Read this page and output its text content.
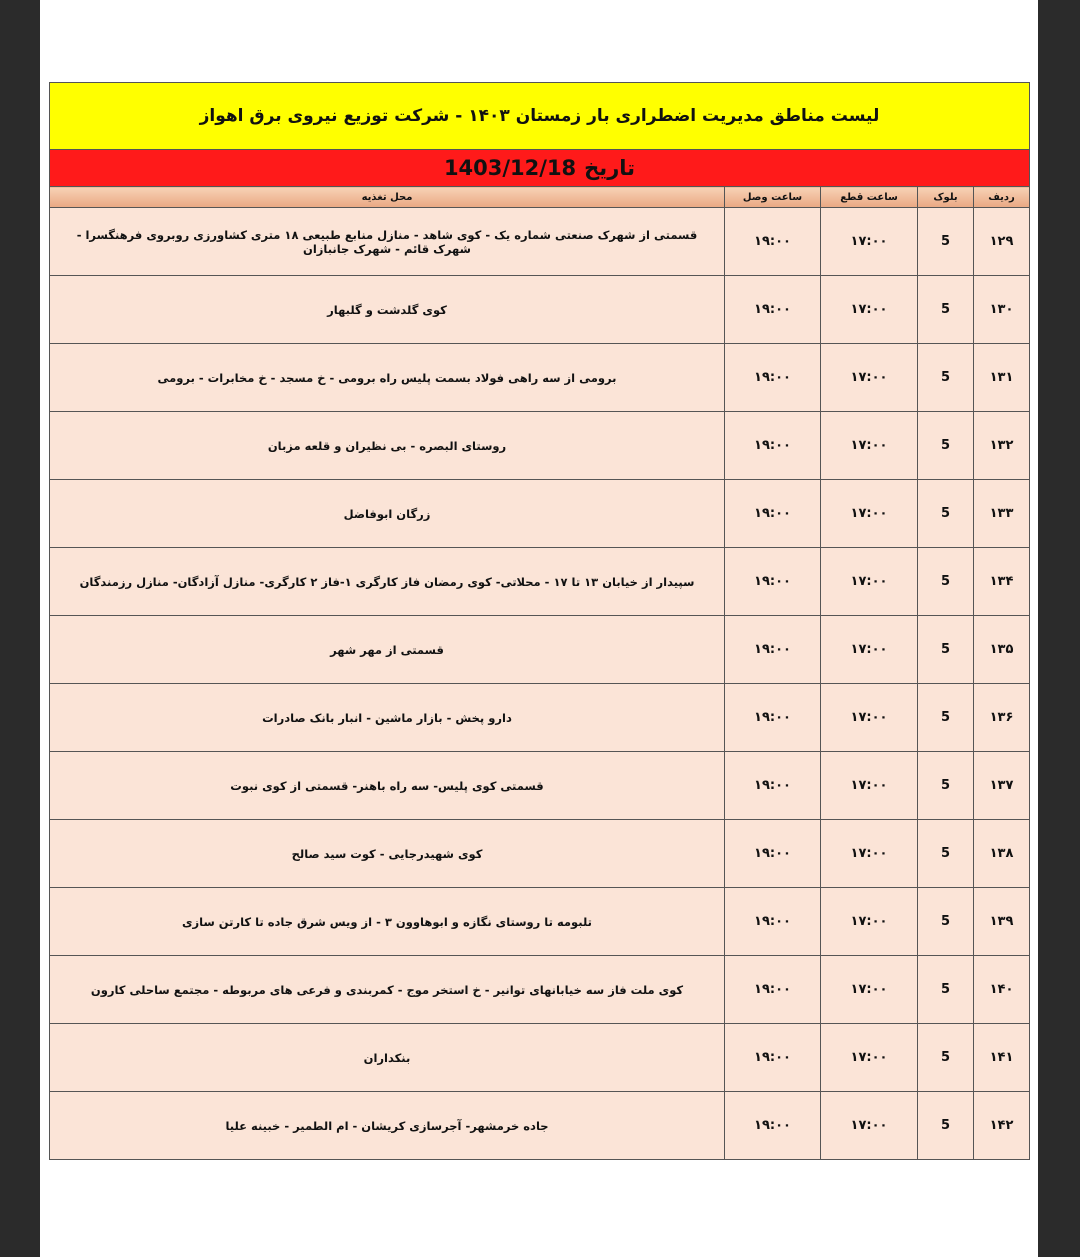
لیست مناطق مدیریت اضطراری بار زمستان ۱۴۰۳ - شرکت توزیع نیروی برق اهواز
تاریخ
1403/12/18
ردیف	بلوک	ساعت قطع	ساعت وصل	محل تغذیه
۱۲۹	5	۱۷:۰۰	۱۹:۰۰	قسمتی از شهرک صنعتی شماره یک - کوی شاهد - منازل منابع طبیعی ۱۸ متری کشاورزی روبروی فرهنگسرا - شهرک قائم - شهرک جانبازان
۱۳۰	5	۱۷:۰۰	۱۹:۰۰	کوی گلدشت و گلبهار
۱۳۱	5	۱۷:۰۰	۱۹:۰۰	برومی از سه راهی فولاد بسمت پلیس راه برومی - خ مسجد - خ مخابرات - برومی
۱۳۲	5	۱۷:۰۰	۱۹:۰۰	روستای البصره - بی نظیران و قلعه مزبان
۱۳۳	5	۱۷:۰۰	۱۹:۰۰	زرگان ابوفاضل
۱۳۴	5	۱۷:۰۰	۱۹:۰۰	سپیدار از خیابان ۱۳ تا ۱۷ - محلاتی- کوی رمضان فاز کارگری ۱-فاز ۲ کارگری- منازل آزادگان- منازل رزمندگان
۱۳۵	5	۱۷:۰۰	۱۹:۰۰	قسمتی از مهر شهر
۱۳۶	5	۱۷:۰۰	۱۹:۰۰	دارو پخش - بازار ماشین - انبار بانک صادرات
۱۳۷	5	۱۷:۰۰	۱۹:۰۰	قسمتی کوی پلیس- سه راه باهنر- قسمتی از کوی نبوت
۱۳۸	5	۱۷:۰۰	۱۹:۰۰	کوی شهیدرجایی - کوت سید صالح
۱۳۹	5	۱۷:۰۰	۱۹:۰۰	تلبومه تا روستای نگازه و ابوهاوون ۳ - از ویس شرق جاده تا کارتن سازی
۱۴۰	5	۱۷:۰۰	۱۹:۰۰	کوی ملت فاز سه خیابانهای توانیر - خ استخر موج - کمربندی و فرعی های مربوطه - مجتمع ساحلی کارون
۱۴۱	5	۱۷:۰۰	۱۹:۰۰	بنکداران
۱۴۲	5	۱۷:۰۰	۱۹:۰۰	جاده خرمشهر- آجرسازی کریشان - ام الطمیر - خبینه علیا
